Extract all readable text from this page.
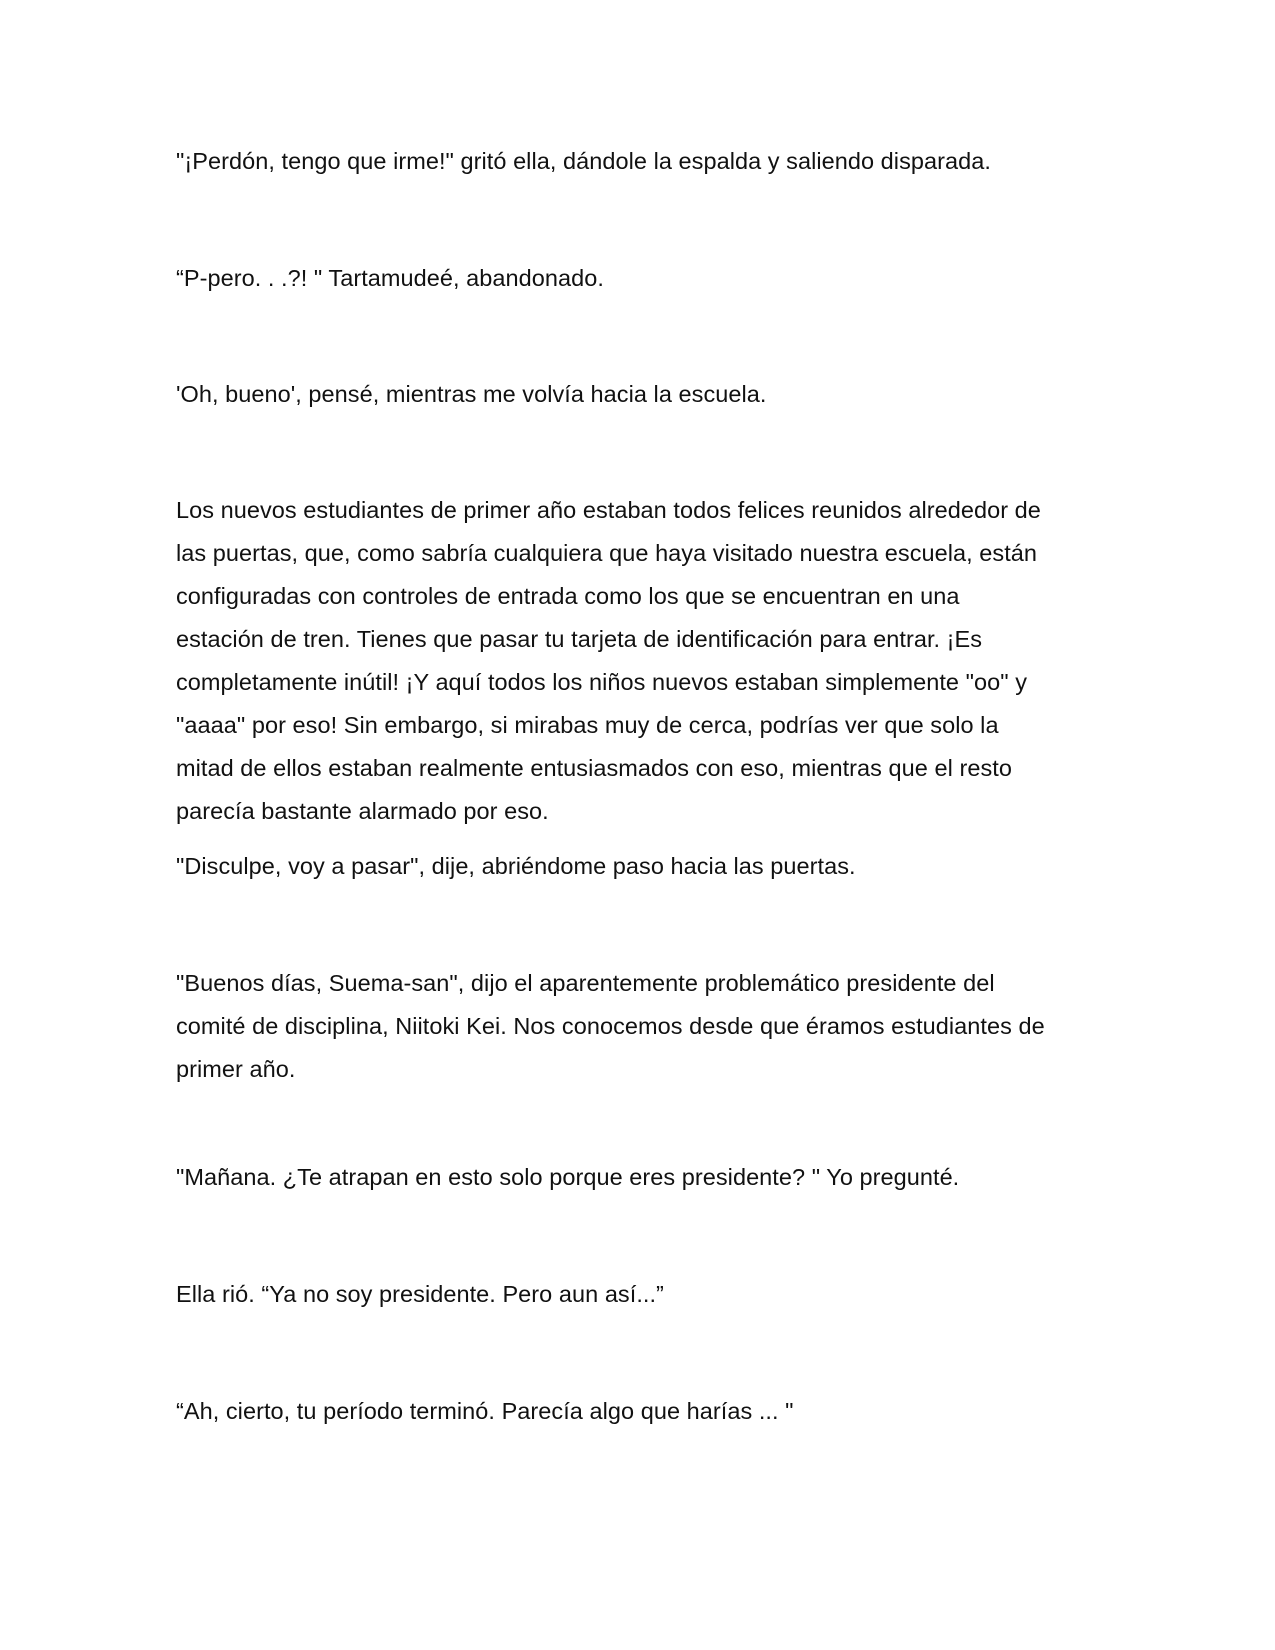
"¡Perdón, tengo que irme!" gritó ella, dándole la espalda y saliendo disparada.

“P-pero. . .?! " Tartamudeé, abandonado.

'Oh, bueno', pensé, mientras me volvía hacia la escuela.

Los nuevos estudiantes de primer año estaban todos felices reunidos alrededor de
las puertas, que, como sabría cualquiera que haya visitado nuestra escuela, están
configuradas con controles de entrada como los que se encuentran en una
estación de tren. Tienes que pasar tu tarjeta de identificación para entrar. ¡Es
completamente inútil! ¡Y aquí todos los niños nuevos estaban simplemente "oo" y
"aaaa" por eso! Sin embargo, si mirabas muy de cerca, podrías ver que solo la
mitad de ellos estaban realmente entusiasmados con eso, mientras que el resto
parecía bastante alarmado por eso.

"Disculpe, voy a pasar", dije, abriéndome paso hacia las puertas.

"Buenos días, Suema-san", dijo el aparentemente problemático presidente del
comité de disciplina, Niitoki Kei. Nos conocemos desde que éramos estudiantes de
primer año.

"Mañana. ¿Te atrapan en esto solo porque eres presidente? " Yo pregunté.

Ella rió. “Ya no soy presidente. Pero aun así...”

“Ah, cierto, tu período terminó. Parecía algo que harías ... "
